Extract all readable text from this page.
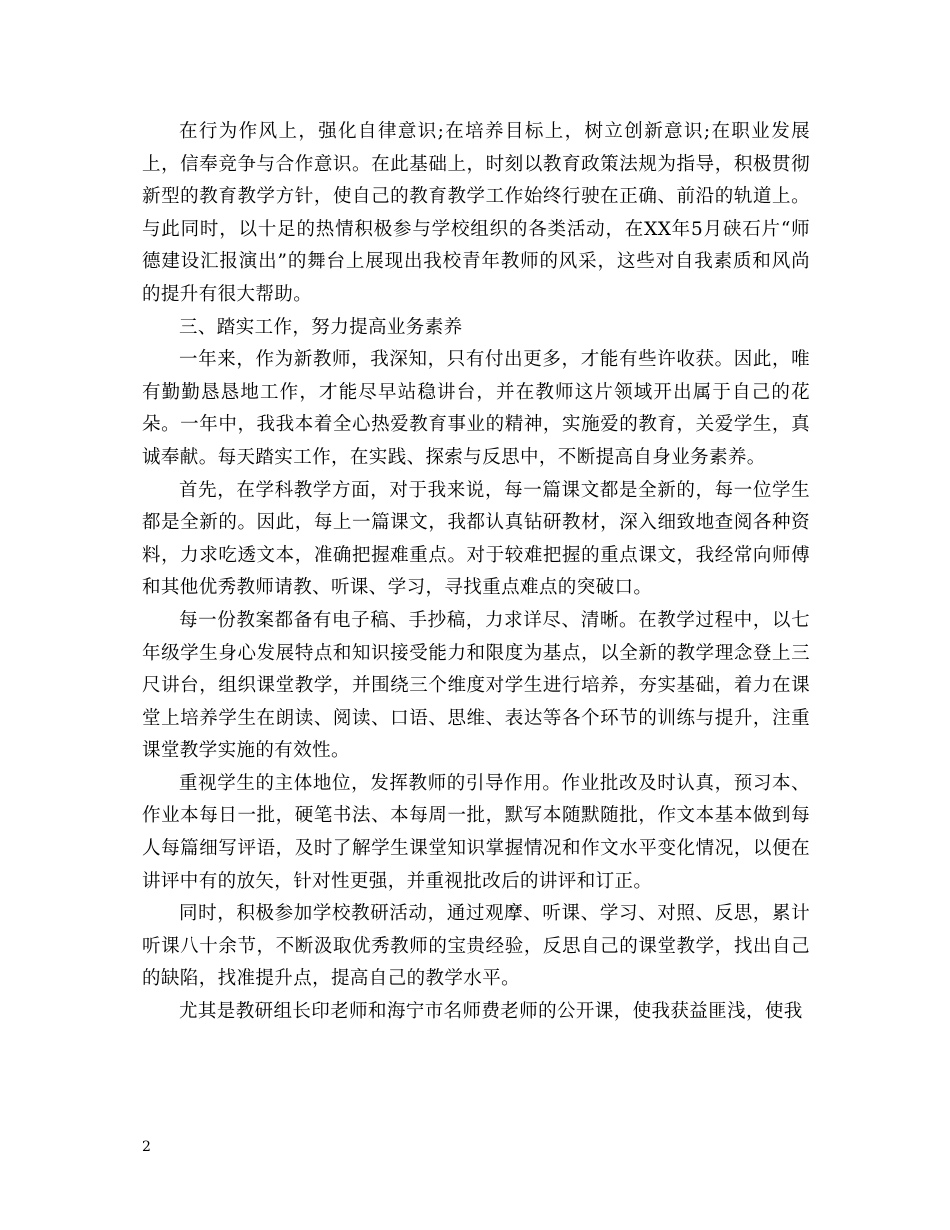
在行为作风上，强化自律意识;在培养目标上，树立创新意识;在职业发展上，信奉竞争与合作意识。在此基础上，时刻以教育政策法规为指导，积极贯彻新型的教育教学方针，使自己的教育教学工作始终行驶在正确、前沿的轨道上。与此同时，以十足的热情积极参与学校组织的各类活动，在XX年5月硖石片“师德建设汇报演出”的舞台上展现出我校青年教师的风采，这些对自我素质和风尚的提升有很大帮助。

三、踏实工作，努力提高业务素养

一年来，作为新教师，我深知，只有付出更多，才能有些许收获。因此，唯有勤勤恳恳地工作，才能尽早站稳讲台，并在教师这片领域开出属于自己的花朵。一年中，我我本着全心热爱教育事业的精神，实施爱的教育，关爱学生，真诚奉献。每天踏实工作，在实践、探索与反思中，不断提高自身业务素养。

首先，在学科教学方面，对于我来说，每一篇课文都是全新的，每一位学生都是全新的。因此，每上一篇课文，我都认真钻研教材，深入细致地查阅各种资料，力求吃透文本，准确把握难重点。对于较难把握的重点课文，我经常向师傅和其他优秀教师请教、听课、学习，寻找重点难点的突破口。

每一份教案都备有电子稿、手抄稿，力求详尽、清晰。在教学过程中，以七年级学生身心发展特点和知识接受能力和限度为基点，以全新的教学理念登上三尺讲台，组织课堂教学，并围绕三个维度对学生进行培养，夯实基础，着力在课堂上培养学生在朗读、阅读、口语、思维、表达等各个环节的训练与提升，注重课堂教学实施的有效性。

重视学生的主体地位，发挥教师的引导作用。作业批改及时认真，预习本、作业本每日一批，硬笔书法、本每周一批，默写本随默随批，作文本基本做到每人每篇细写评语，及时了解学生课堂知识掌握情况和作文水平变化情况，以便在讲评中有的放矢，针对性更强，并重视批改后的讲评和订正。

同时，积极参加学校教研活动，通过观摩、听课、学习、对照、反思，累计听课八十余节，不断汲取优秀教师的宝贵经验，反思自己的课堂教学，找出自己的缺陷，找准提升点，提高自己的教学水平。

尤其是教研组长印老师和海宁市名师费老师的公开课，使我获益匪浅，使我

2
